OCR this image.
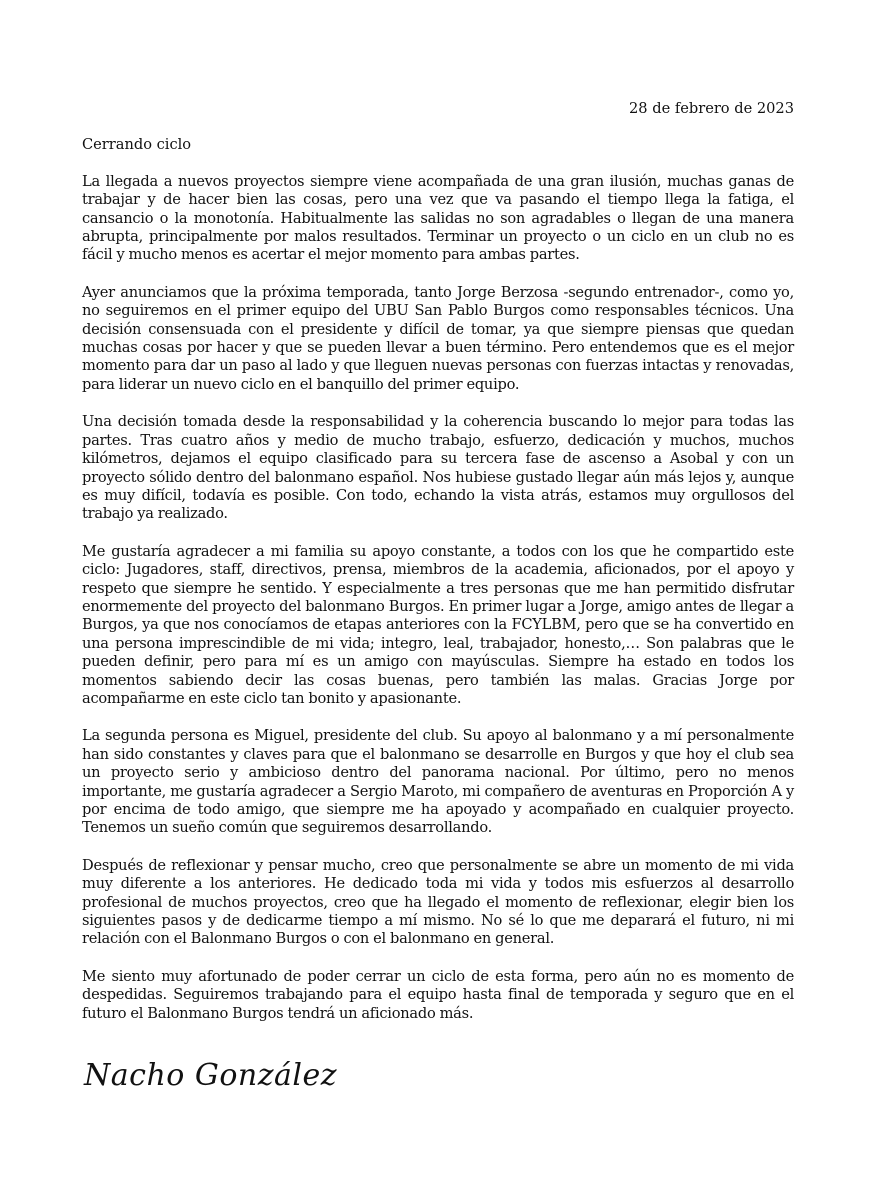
28 de febrero de 2023

Cerrando ciclo

La llegada a nuevos proyectos siempre viene acompañada de una gran ilusión, muchas ganas de trabajar y de hacer bien las cosas, pero una vez que va pasando el tiempo llega la fatiga, el cansancio o la monotonía. Habitualmente las salidas no son agradables o llegan de una manera abrupta, principalmente por malos resultados. Terminar un proyecto o un ciclo en un club no es fácil y mucho menos es acertar el mejor momento para ambas partes.

Ayer anunciamos que la próxima temporada, tanto Jorge Berzosa -segundo entrenador-, como yo, no seguiremos en el primer equipo del UBU San Pablo Burgos como responsables técnicos. Una decisión consensuada con el presidente y difícil de tomar, ya que siempre piensas que quedan muchas cosas por hacer y que se pueden llevar a buen término. Pero entendemos que es el mejor momento para dar un paso al lado y que lleguen nuevas personas con fuerzas intactas y renovadas, para liderar un nuevo ciclo en el banquillo del primer equipo.

Una decisión tomada desde la responsabilidad y la coherencia buscando lo mejor para todas las partes. Tras cuatro años y medio de mucho trabajo, esfuerzo, dedicación y muchos, muchos kilómetros, dejamos el equipo clasificado para su tercera fase de ascenso a Asobal y con un proyecto sólido dentro del balonmano español. Nos hubiese gustado llegar aún más lejos y, aunque es muy difícil, todavía es posible. Con todo, echando la vista atrás, estamos muy orgullosos del trabajo ya realizado.

Me gustaría agradecer a mi familia su apoyo constante, a todos con los que he compartido este ciclo: Jugadores, staff, directivos, prensa, miembros de la academia, aficionados, por el apoyo y respeto que siempre he sentido. Y especialmente a tres personas que me han permitido disfrutar enormemente del proyecto del balonmano Burgos. En primer lugar a Jorge, amigo antes de llegar a Burgos, ya que nos conocíamos de etapas anteriores con la FCYLBM, pero que se ha convertido en una persona imprescindible de mi vida; integro, leal, trabajador, honesto,… Son palabras que le pueden definir, pero para mí es un amigo con mayúsculas. Siempre ha estado en todos los momentos sabiendo decir las cosas buenas, pero también las malas. Gracias Jorge por acompañarme en este ciclo tan bonito y apasionante.

La segunda persona es Miguel, presidente del club. Su apoyo al balonmano y a mí personalmente han sido constantes y claves para que el balonmano se desarrolle en Burgos y que hoy el club sea un proyecto serio y ambicioso dentro del panorama nacional. Por último, pero no menos importante, me gustaría agradecer a Sergio Maroto, mi compañero de aventuras en Proporción A y por encima de todo amigo, que siempre me ha apoyado y acompañado en cualquier proyecto. Tenemos un sueño común que seguiremos desarrollando.

Después de reflexionar y pensar mucho, creo que personalmente se abre un momento de mi vida muy diferente a los anteriores. He dedicado toda mi vida y todos mis esfuerzos al desarrollo profesional de muchos proyectos, creo que ha llegado el momento de reflexionar, elegir bien los siguientes pasos y de dedicarme tiempo a mí mismo. No sé lo que me deparará el futuro, ni mi relación con el Balonmano Burgos o con el balonmano en general.

Me siento muy afortunado de poder cerrar un ciclo de esta forma, pero aún no es momento de despedidas. Seguiremos trabajando para el equipo hasta final de temporada y seguro que en el futuro el Balonmano Burgos tendrá un aficionado más.

Nacho González
